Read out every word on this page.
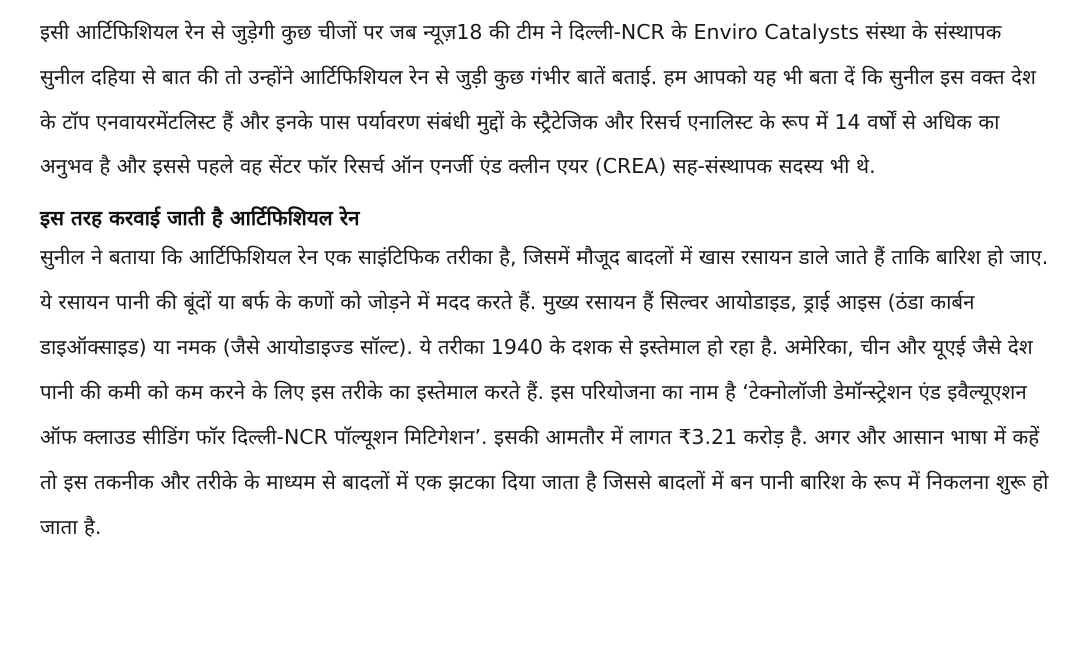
इसी आर्टिफिशियल रेन से जुड़ेगी कुछ चीजों पर जब न्यूज़18 की टीम ने दिल्ली-NCR के Enviro Catalysts संस्था के संस्थापक सुनील दहिया से बात की तो उन्होंने आर्टिफिशियल रेन से जुड़ी कुछ गंभीर बातें बताई. हम आपको यह भी बता दें कि सुनील इस वक्त देश के टॉप एनवायरमेंटलिस्ट हैं और इनके पास पर्यावरण संबंधी मुद्दों के स्ट्रैटेजिक और रिसर्च एनालिस्ट के रूप में 14 वर्षों से अधिक का अनुभव है और इससे पहले वह सेंटर फॉर रिसर्च ऑन एनर्जी एंड क्लीन एयर (CREA) सह-संस्थापक सदस्य भी थे.

इस तरह करवाई जाती है आर्टिफिशियल रेन

सुनील ने बताया कि आर्टिफिशियल रेन एक साइंटिफिक तरीका है, जिसमें मौजूद बादलों में खास रसायन डाले जाते हैं ताकि बारिश हो जाए. ये रसायन पानी की बूंदों या बर्फ के कणों को जोड़ने में मदद करते हैं. मुख्य रसायन हैं सिल्वर आयोडाइड, ड्राई आइस (ठंडा कार्बन डाइऑक्साइड) या नमक (जैसे आयोडाइज्ड सॉल्ट). ये तरीका 1940 के दशक से इस्तेमाल हो रहा है. अमेरिका, चीन और यूएई जैसे देश पानी की कमी को कम करने के लिए इस तरीके का इस्तेमाल करते हैं. इस परियोजना का नाम है ‘टेक्नोलॉजी डेमॉन्स्ट्रेशन एंड इवैल्यूएशन ऑफ क्लाउड सीडिंग फॉर दिल्ली-NCR पॉल्यूशन मिटिगेशन’. इसकी आमतौर में लागत ₹3.21 करोड़ है. अगर और आसान भाषा में कहें तो इस तकनीक और तरीके के माध्यम से बादलों में एक झटका दिया जाता है जिससे बादलों में बन पानी बारिश के रूप में निकलना शुरू हो जाता है.
